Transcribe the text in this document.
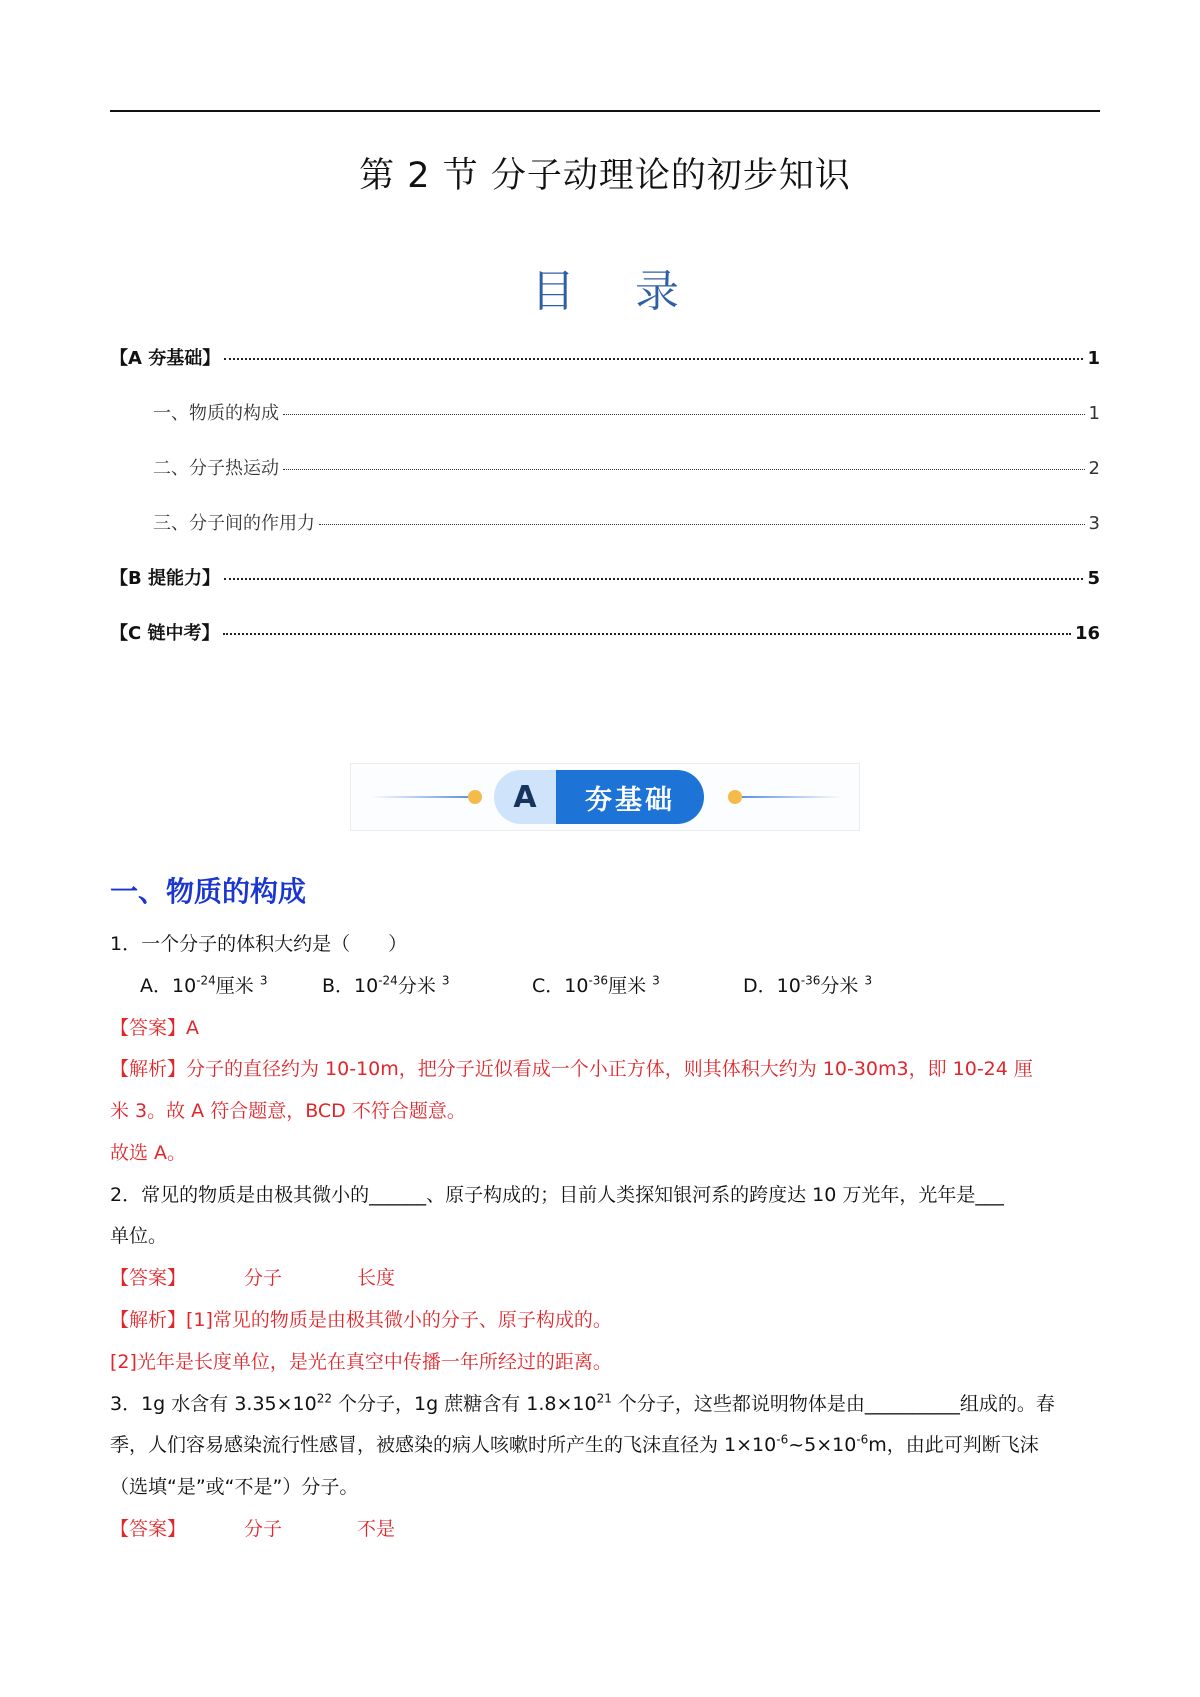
第 2 节 分子动理论的初步知识
目录
【A 夯基础】	1
一、物质的构成	1
二、分子热运动	2
三、分子间的作用力	3
【B 提能力】	5
【C 链中考】	16
A	夯基础
一、物质的构成
1．一个分子的体积大约是（　　）
A．$10^{-24}$厘米 $^3$	B．$10^{-24}$分米 $^3$	C．$10^{-36}$厘米 $^3$	D．$10^{-36}$分米 $^3$
【答案】A
【解析】分子的直径约为 10-10m，把分子近似看成一个小正方体，则其体积大约为 10-30m3，即 10-24 厘
米 3。故 A 符合题意，BCD 不符合题意。
故选 A。
2．常见的物质是由极其微小的______、原子构成的；目前人类探知银河系的跨度达 10 万光年，光年是___
单位。
【答案】	分子	长度
【解析】[1]常见的物质是由极其微小的分子、原子构成的。
[2]光年是长度单位，是光在真空中传播一年所经过的距离。
3．1g 水含有 $3.35\times 10^{22}$ 个分子，1g 蔗糖含有 $1.8\times 10^{21}$ 个分子，这些都说明物体是由__________组成的。春
季，人们容易感染流行性感冒，被感染的病人咳嗽时所产生的飞沫直径为 $1\times 10^{-6}\sim 5\times 10^{-6}m$，由此可判断飞沫
（选填“是”或“不是”）分子。
【答案】	分子	不是
